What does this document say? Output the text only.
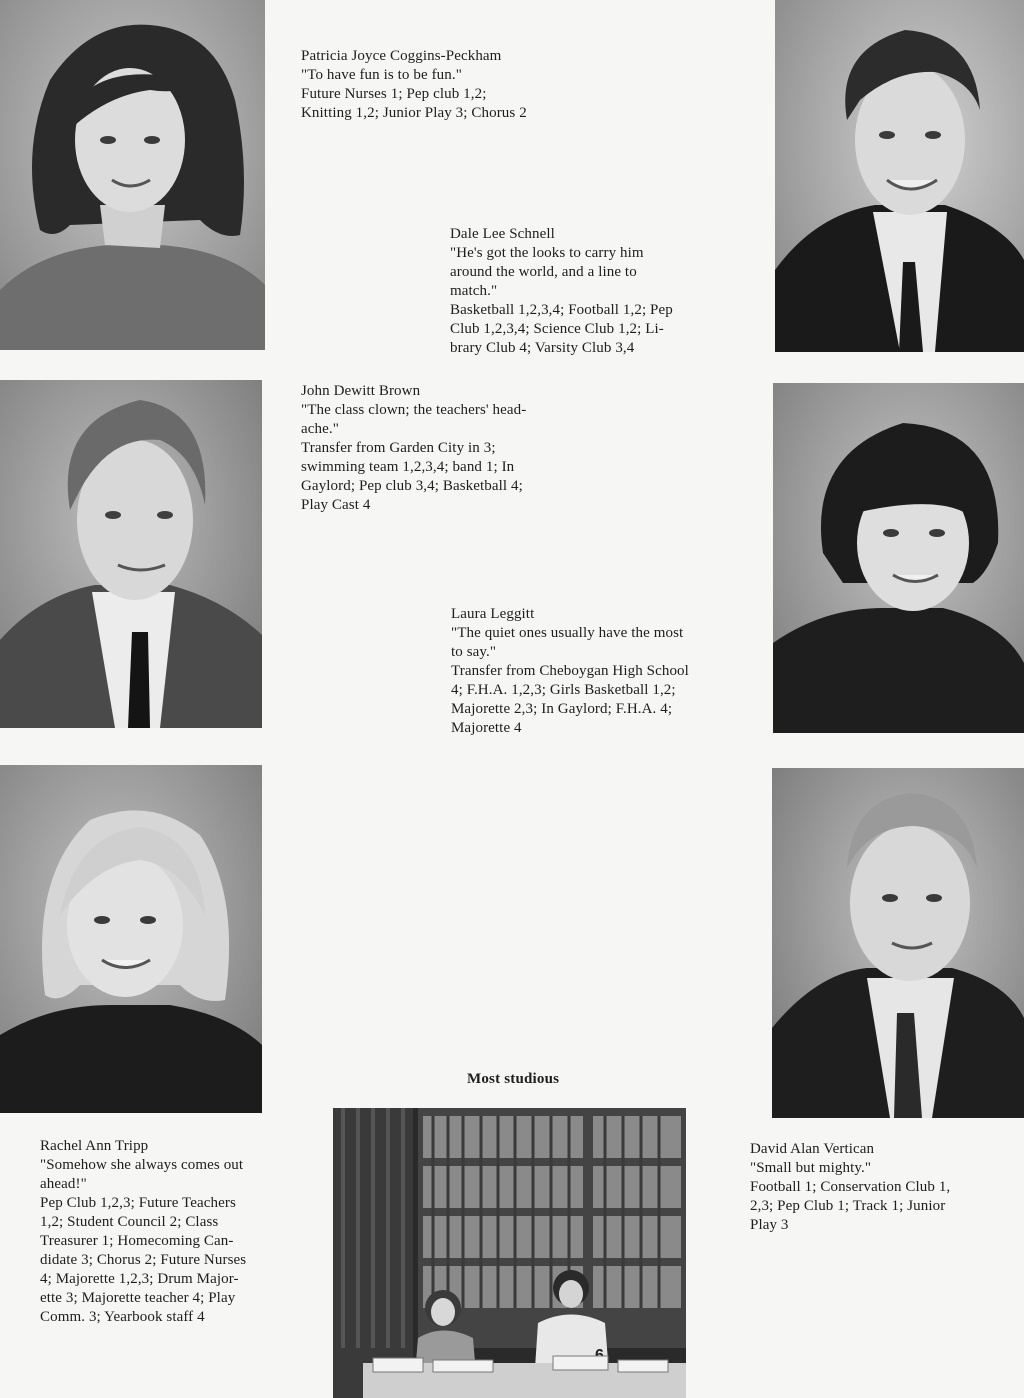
Most studious
Patricia Joyce Coggins-Peckham
"To have fun is to be fun."
Future Nurses 1; Pep club 1,2;
Knitting 1,2; Junior Play 3; Chorus 2
Dale Lee Schnell
"He's got the looks to carry him
around the world, and a line to
match."
Basketball 1,2,3,4; Football 1,2; Pep
Club 1,2,3,4; Science Club 1,2; Li-
brary Club 4; Varsity Club 3,4
John Dewitt Brown
"The class clown; the teachers' head-
ache."
Transfer from Garden City in 3;
swimming team 1,2,3,4; band 1; In
Gaylord; Pep club 3,4; Basketball 4;
Play Cast 4
Laura Leggitt
"The quiet ones usually have the most
to say."
Transfer from Cheboygan High School
4; F.H.A. 1,2,3; Girls Basketball 1,2;
Majorette 2,3; In Gaylord; F.H.A. 4;
Majorette 4
Rachel Ann Tripp
"Somehow she always comes out
ahead!"
Pep Club 1,2,3; Future Teachers
1,2; Student Council 2; Class
Treasurer 1; Homecoming Can-
didate 3; Chorus 2; Future Nurses
4; Majorette 1,2,3; Drum Major-
ette 3; Majorette teacher 4; Play
Comm. 3; Yearbook staff 4
David Alan Vertican
"Small but mighty."
Football 1; Conservation Club 1,
2,3; Pep Club 1; Track 1; Junior
Play 3
